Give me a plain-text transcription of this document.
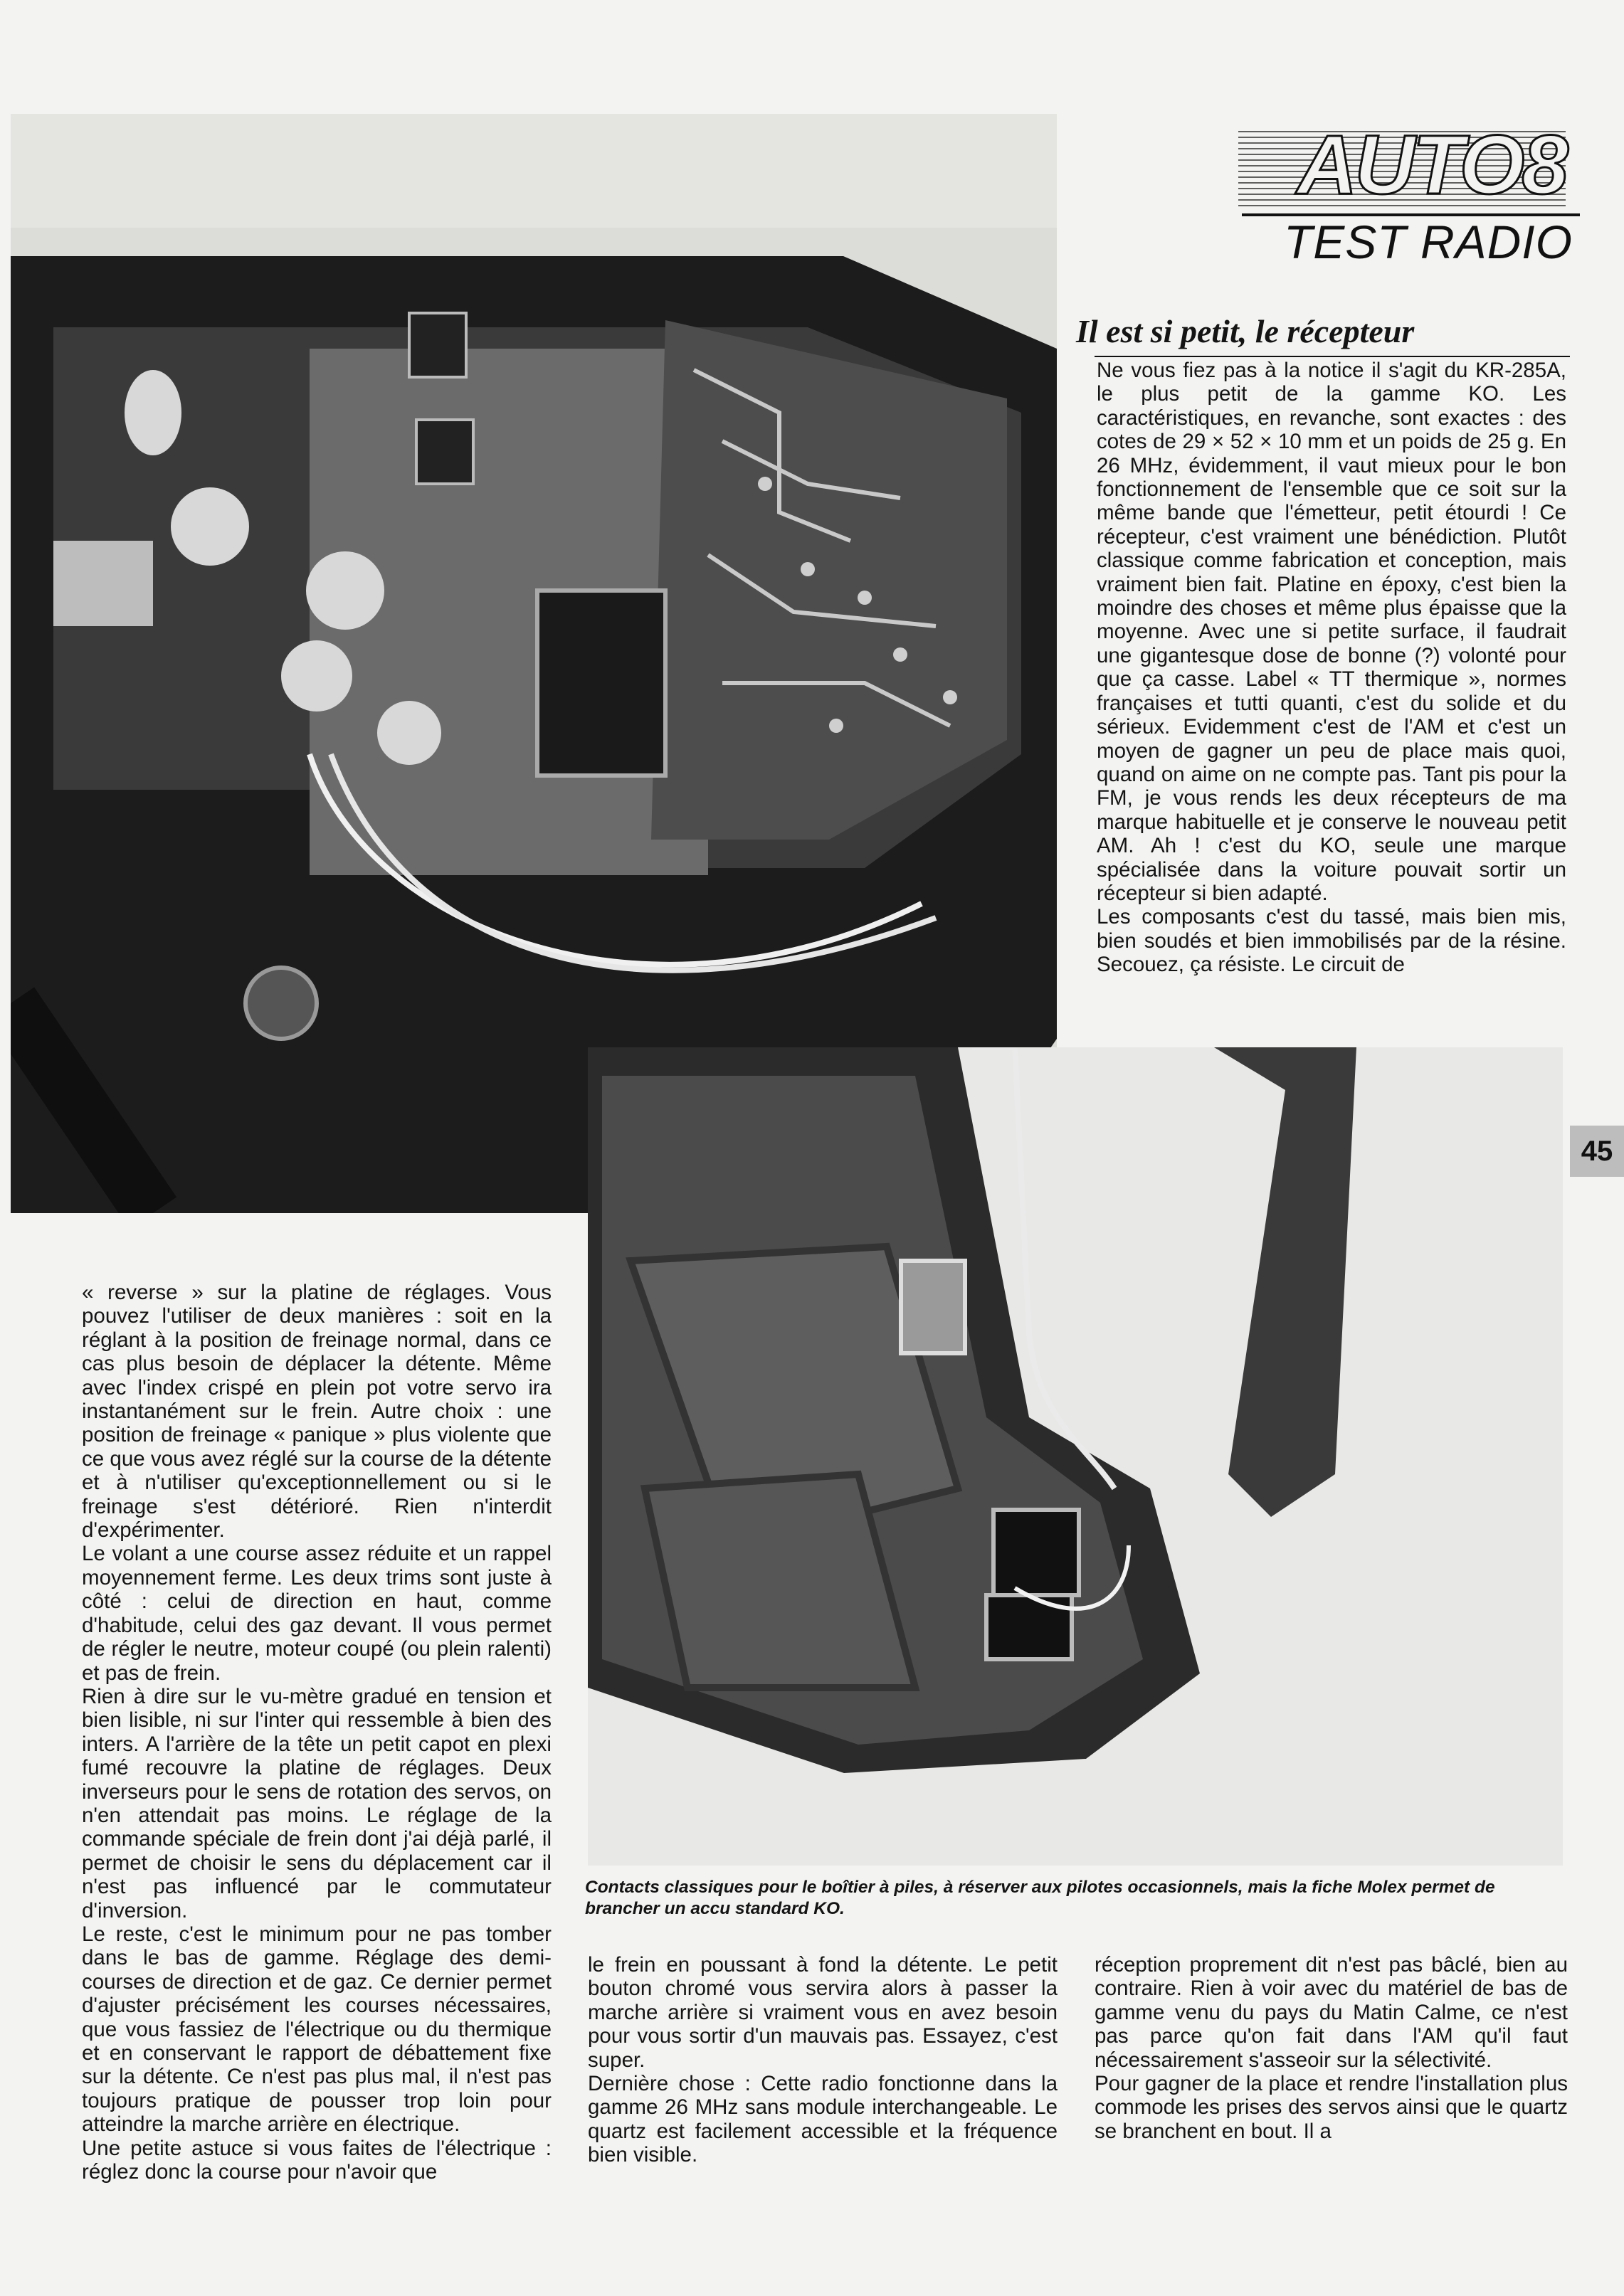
AUTO8
TEST RADIO
Il est si petit, le récepteur

Ne vous fiez pas à la notice il s'agit du KR-285A, le plus petit de la gamme KO. Les caractéristiques, en revanche, sont exactes : des cotes de 29 × 52 × 10 mm et un poids de 25 g. En 26 MHz, évidemment, il vaut mieux pour le bon fonctionnement de l'ensemble que ce soit sur la même bande que l'émetteur, petit étourdi ! Ce récepteur, c'est vraiment une bénédiction. Plutôt classique comme fabrication et conception, mais vraiment bien fait. Platine en époxy, c'est bien la moindre des choses et même plus épaisse que la moyenne. Avec une si petite surface, il faudrait une gigantesque dose de bonne (?) volonté pour que ça casse. Label « TT thermique », normes françaises et tutti quanti, c'est du solide et du sérieux. Evidemment c'est de l'AM et c'est un moyen de gagner un peu de place mais quoi, quand on aime on ne compte pas. Tant pis pour la FM, je vous rends les deux récepteurs de ma marque habituelle et je conserve le nouveau petit AM. Ah ! c'est du KO, seule une marque spécialisée dans la voiture pouvait sortir un récepteur si bien adapté.

Les composants c'est du tassé, mais bien mis, bien soudés et bien immobilisés par de la résine. Secouez, ça résiste. Le circuit de

45

« reverse » sur la platine de réglages. Vous pouvez l'utiliser de deux manières : soit en la réglant à la position de freinage normal, dans ce cas plus besoin de déplacer la détente. Même avec l'index crispé en plein pot votre servo ira instantanément sur le frein. Autre choix : une position de freinage « panique » plus violente que ce que vous avez réglé sur la course de la détente et à n'utiliser qu'exceptionnellement ou si le freinage s'est détérioré. Rien n'interdit d'expérimenter.

Le volant a une course assez réduite et un rappel moyennement ferme. Les deux trims sont juste à côté : celui de direction en haut, comme d'habitude, celui des gaz devant. Il vous permet de régler le neutre, moteur coupé (ou plein ralenti) et pas de frein.

Rien à dire sur le vu-mètre gradué en tension et bien lisible, ni sur l'inter qui ressemble à bien des inters. A l'arrière de la tête un petit capot en plexi fumé recouvre la platine de réglages. Deux inverseurs pour le sens de rotation des servos, on n'en attendait pas moins. Le réglage de la commande spéciale de frein dont j'ai déjà parlé, il permet de choisir le sens du déplacement car il n'est pas influencé par le commutateur d'inversion.

Le reste, c'est le minimum pour ne pas tomber dans le bas de gamme. Réglage des demi-courses de direction et de gaz. Ce dernier permet d'ajuster précisément les courses nécessaires, que vous fassiez de l'électrique ou du thermique et en conservant le rapport de débattement fixe sur la détente. Ce n'est pas plus mal, il n'est pas toujours pratique de pousser trop loin pour atteindre la marche arrière en électrique.

Une petite astuce si vous faites de l'électrique : réglez donc la course pour n'avoir que

Contacts classiques pour le boîtier à piles, à réserver aux pilotes occasionnels, mais la fiche Molex permet de brancher un accu standard KO.

le frein en poussant à fond la détente. Le petit bouton chromé vous servira alors à passer la marche arrière si vraiment vous en avez besoin pour vous sortir d'un mauvais pas. Essayez, c'est super.

Dernière chose : Cette radio fonctionne dans la gamme 26 MHz sans module interchangeable. Le quartz est facilement accessible et la fréquence bien visible.

réception proprement dit n'est pas bâclé, bien au contraire. Rien à voir avec du matériel de bas de gamme venu du pays du Matin Calme, ce n'est pas parce qu'on fait dans l'AM qu'il faut nécessairement s'asseoir sur la sélectivité.

Pour gagner de la place et rendre l'installation plus commode les prises des servos ainsi que le quartz se branchent en bout. Il a
